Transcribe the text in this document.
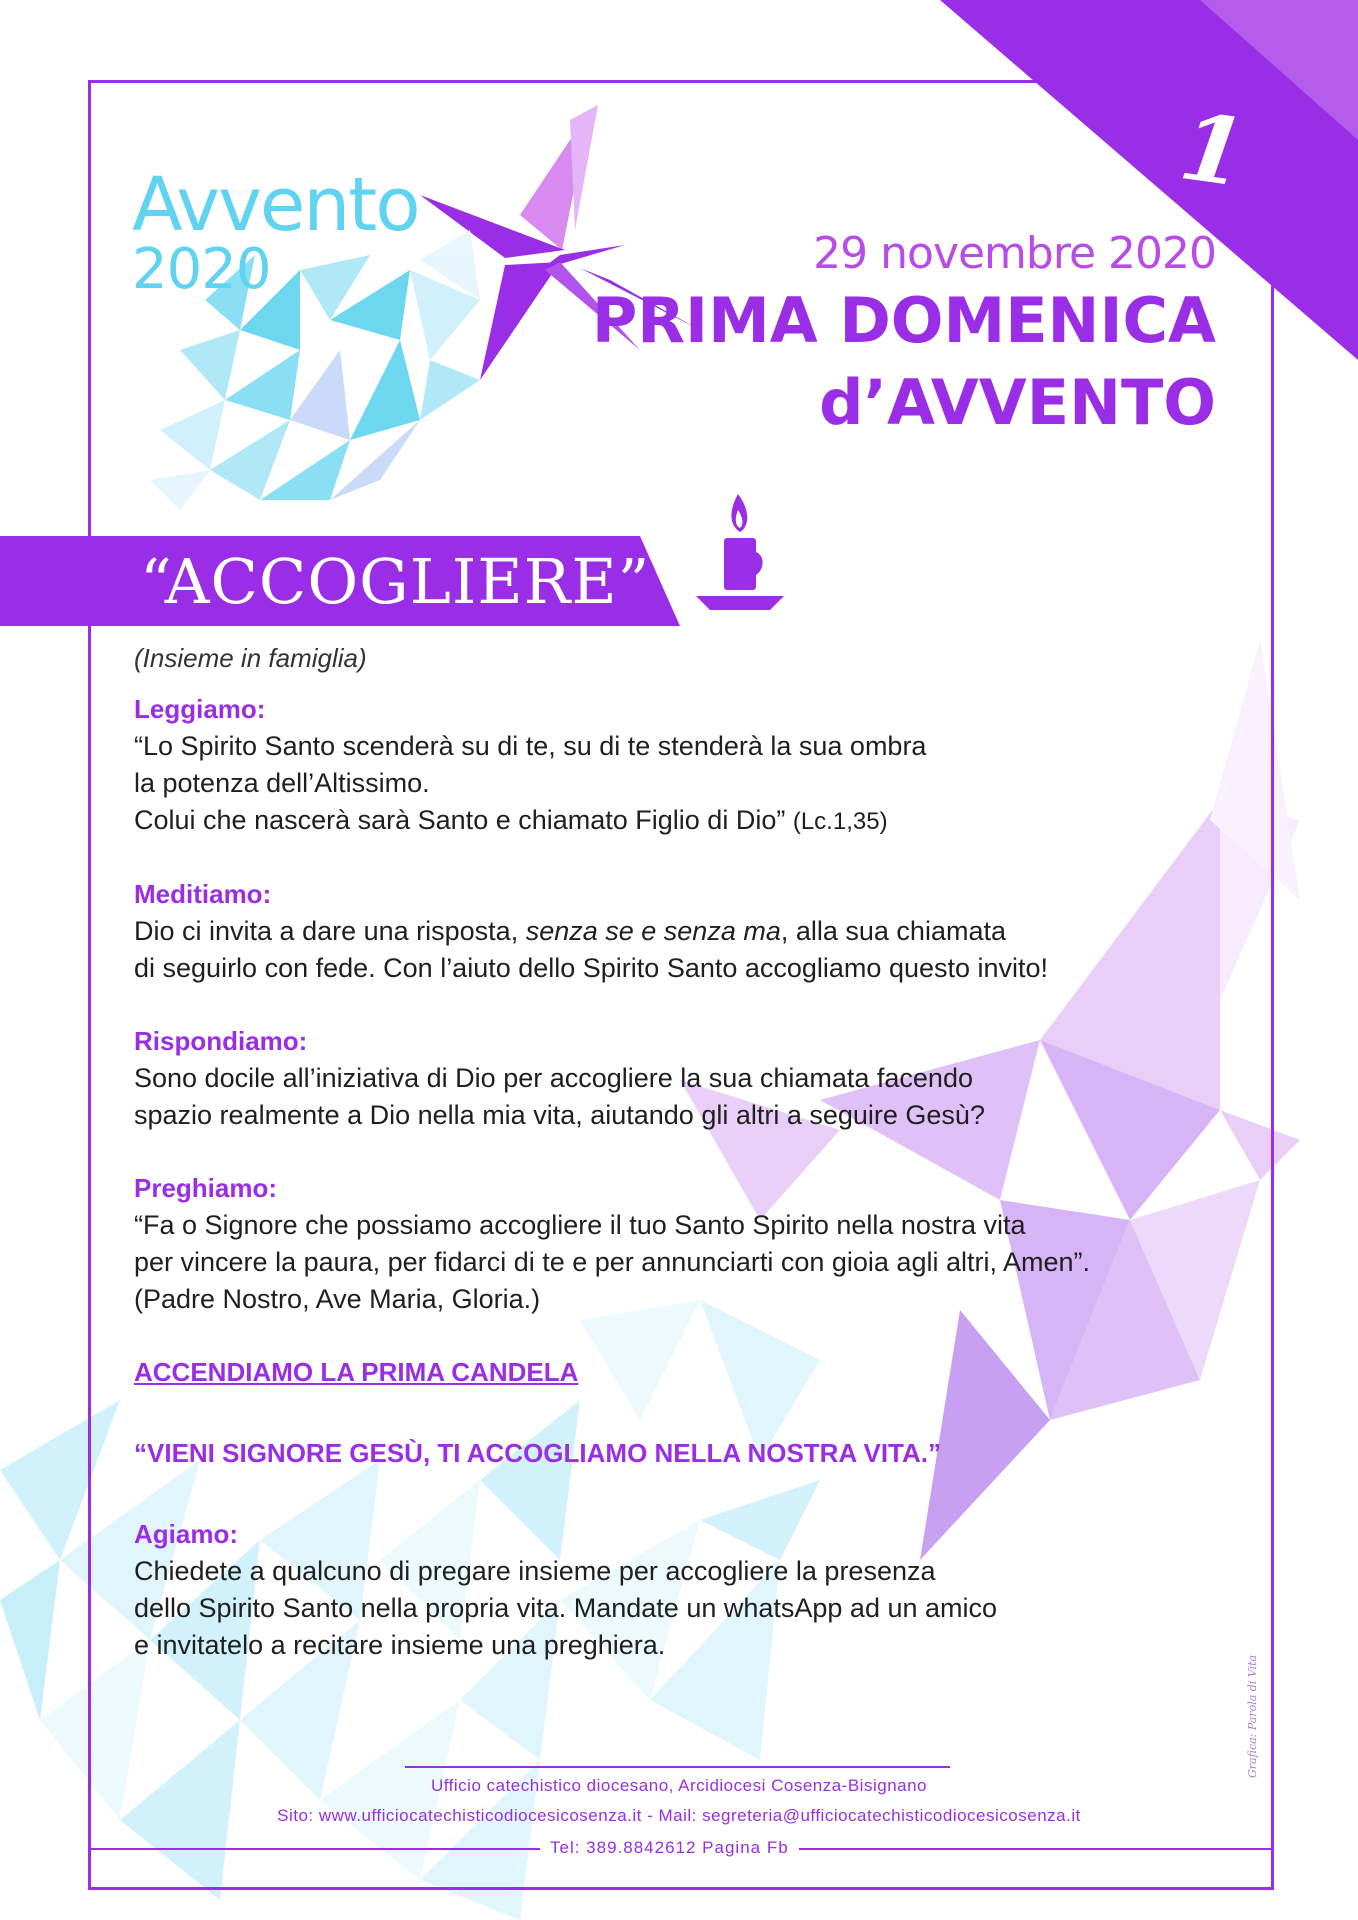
1
Avvento
2020	29 novembre 2020
PRIMA DOMENICA
d’AVVENTO
“ACCOGLIERE”
(Insieme in famiglia)
Leggiamo:
“Lo Spirito Santo scenderà su di te, su di te stenderà la sua ombra
la potenza dell’Altissimo.
Colui che nascerà sarà Santo e chiamato Figlio di Dio” (Lc.1,35)
Meditiamo:
Dio ci invita a dare una risposta, senza se e senza ma, alla sua chiamata
di seguirlo con fede. Con l’aiuto dello Spirito Santo accogliamo questo invito!
Rispondiamo:
Sono docile all’iniziativa di Dio per accogliere la sua chiamata facendo
spazio realmente a Dio nella mia vita, aiutando gli altri a seguire Gesù?
Preghiamo:
“Fa o Signore che possiamo accogliere il tuo Santo Spirito nella nostra vita
per vincere la paura, per fidarci di te e per annunciarti con gioia agli altri, Amen”.
(Padre Nostro, Ave Maria, Gloria.)
ACCENDIAMO LA PRIMA CANDELA
“VIENI SIGNORE GESÙ, TI ACCOGLIAMO NELLA NOSTRA VITA.”
Agiamo:
Chiedete a qualcuno di pregare insieme per accogliere la presenza
dello Spirito Santo nella propria vita. Mandate un whatsApp ad un amico
e invitatelo a recitare insieme una preghiera.
Ufficio catechistico diocesano, Arcidiocesi Cosenza-Bisignano
Sito: www.ufficiocatechisticodiocesicosenza.it - Mail: segreteria@ufficiocatechisticodiocesicosenza.it
Tel: 389.8842612 Pagina Fb
Grafica: Parola di Vita
